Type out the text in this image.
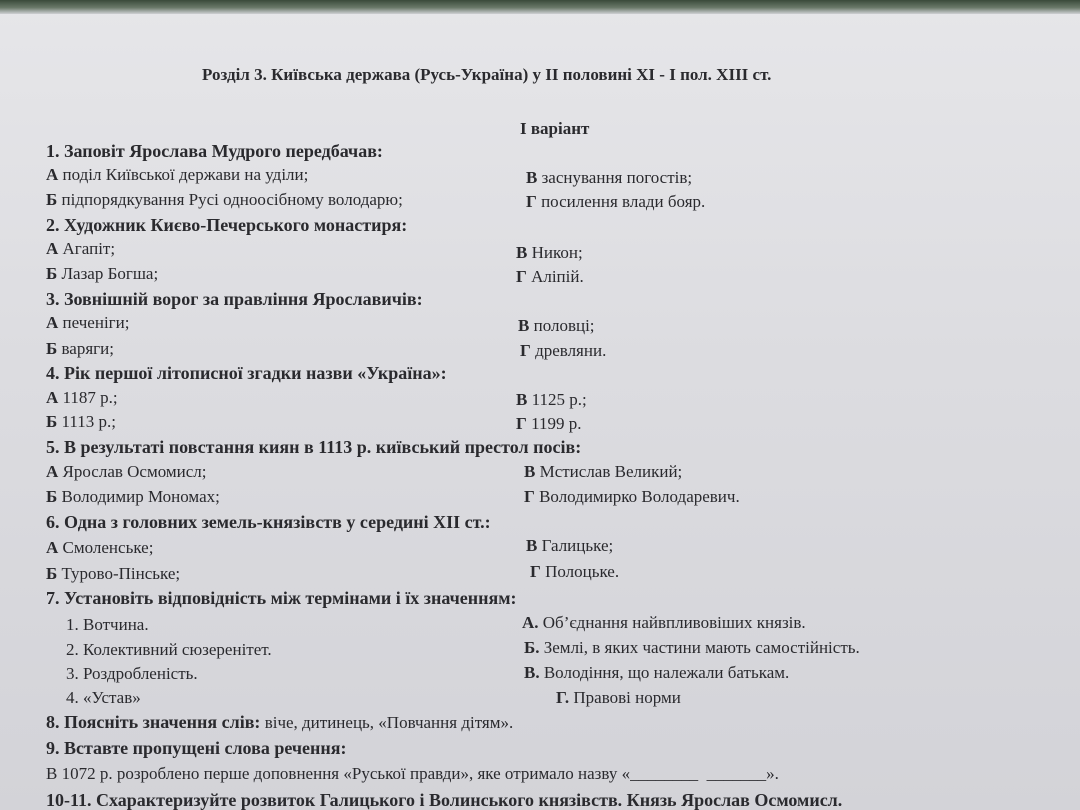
Розділ 3. Київська держава (Русь-Україна) у ІІ половині ХІ - І пол. ХІІІ ст.
І варіант
1. Заповіт Ярослава Мудрого передбачав:
А поділ Київської держави на уділи;
Б підпорядкування Русі одноосібному володарю;
В заснування погостів;
Г посилення влади бояр.
2. Художник Києво-Печерського монастиря:
А Агапіт;
Б Лазар Богша;
В Никон;
Г Аліпій.
3. Зовнішній ворог за правління Ярославичів:
А печеніги;
Б варяги;
В половці;
Г древляни.
4. Рік першої літописної згадки назви «Україна»:
А 1187 р.;
Б 1113 р.;
В 1125 р.;
Г 1199 р.
5. В результаті повстання киян в 1113 р. київський престол посів:
А Ярослав Осмомисл;
Б Володимир Мономах;
В Мстислав Великий;
Г Володимирко Володаревич.
6. Одна з головних земель-князівств у середині ХІІ ст.:
А Смоленське;
Б Турово-Пінське;
В Галицьке;
Г Полоцьке.
7. Установіть відповідність між термінами і їх значенням:
1. Вотчина.
2. Колективний сюзеренітет.
3. Роздробленість.
4. «Устав»
А. Об’єднання найвпливовіших князів.
Б. Землі, в яких частини мають самостійність.
В. Володіння, що належали батькам.
Г. Правові норми
8. Поясніть значення слів: віче, дитинець, «Повчання дітям».
9. Вставте пропущені слова речення:
В 1072 р. розроблено перше доповнення «Руської правди», яке отримало назву «________ _______».
10-11. Схарактеризуйте розвиток Галицького і Волинського князівств. Князь Ярослав Осмомисл.
